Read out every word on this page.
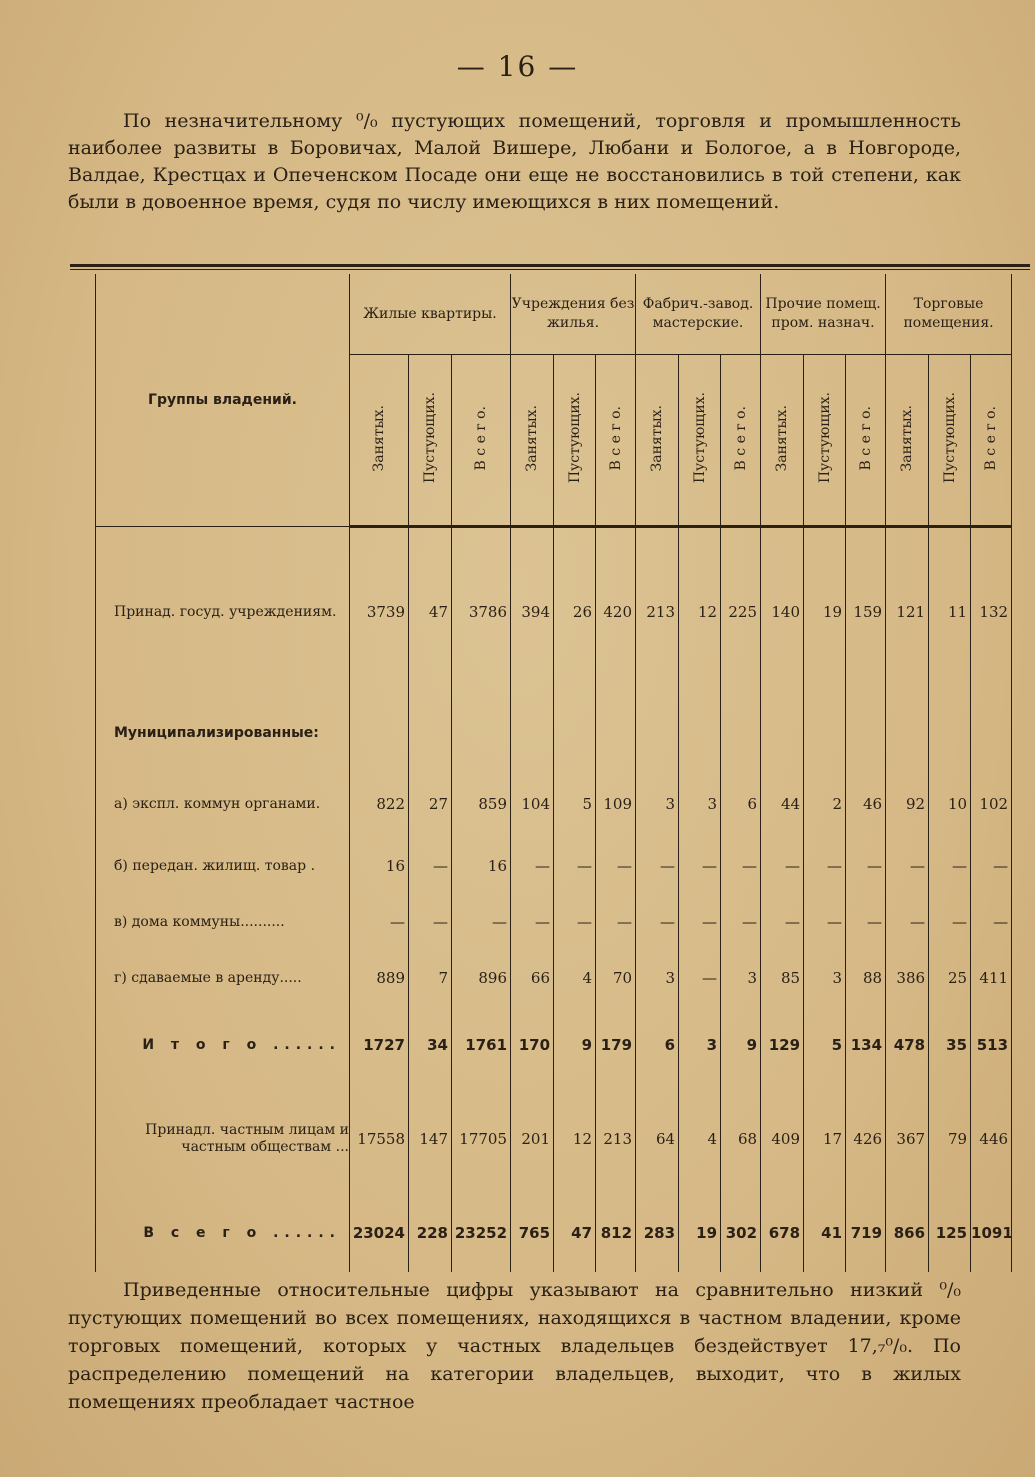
— 16 —
По незначительному ⁰/₀ пустующих помещений, торговля и промышленность наиболее развиты в Боровичах, Малой Вишере, Любани и Бологое, а в Новгороде, Валдае, Крестцах и Опеченском Посаде они еще не восстановились в той степени, как были в довоенное время, судя по числу имеющихся в них помещений.
Группы владений.	Жилые квартиры.			Учреждения без жилья.			Фабрич.-завод. мастерские.			Прочие помещ. пром. назнач.			Торговые помещения.		
	Занятых.	Пустующих.	В с е г о.	Занятых.	Пустующих.	В с е г о.	Занятых.	Пустующих.	В с е г о.	Занятых.	Пустующих.	В с е г о.	Занятых.	Пустующих.	В с е г о.
Принад. госуд. учреждениям.	3739	47	3786	394	26	420	213	12	225	140	19	159	121	11	132
Муниципализированные:															
а) экспл. коммун органами.	822	27	859	104	5	109	3	3	6	44	2	46	92	10	102
б) передан. жилищ. товар .	16	—	16	—	—	—	—	—	—	—	—	—	—	—	—
в) дома коммуны..........	—	—	—	—	—	—	—	—	—	—	—	—	—	—	—
г) сдаваемые в аренду.....	889	7	896	66	4	70	3	—	3	85	3	88	386	25	411
И т о г о ......	1727	34	1761	170	9	179	6	3	9	129	5	134	478	35	513
Принадл. частным лицам и частным обществам ...	17558	147	17705	201	12	213	64	4	68	409	17	426	367	79	446
В с е г о ......	23024	228	23252	765	47	812	283	19	302	678	41	719	866	125	1091
Приведенные относительные цифры указывают на сравнительно низкий ⁰/₀ пустующих помещений во всех помещениях, находящихся в частном владении, кроме торговых помещений, которых у частных владельцев бездействует 17,₇⁰/₀. По распределению помещений на категории владельцев, выходит, что в жилых помещениях преобладает частное
